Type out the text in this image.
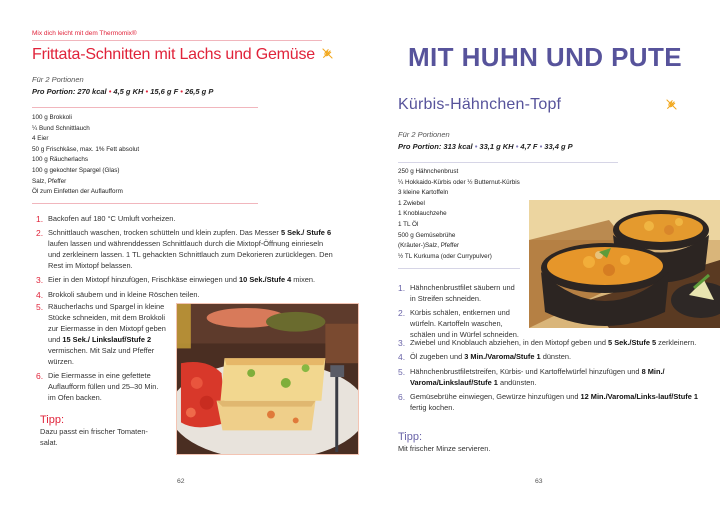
Mix dich leicht mit dem Thermomix®
Frittata-Schnitten mit Lachs und Gemüse
Für 2 Portionen
Pro Portion: 270 kcal • 4,5 g KH • 15,6 g F • 26,5 g P
100 g Brokkoli
¼ Bund Schnittlauch
4 Eier
50 g Frischkäse, max. 1% Fett absolut
100 g Räucherlachs
100 g gekochter Spargel (Glas)
Salz, Pfeffer
Öl zum Einfetten der Auflaufform
1. Backofen auf 180 °C Umluft vorheizen.
2. Schnittlauch waschen, trocken schütteln und klein zupfen. Das Messer 5 Sek./ Stufe 6 laufen lassen und währenddessen Schnittlauch durch die Mixtopf-Öffnung einrieseln und zerkleinern lassen. 1 TL gehackten Schnittlauch zum Dekorieren zurücklegen. Den Rest im Mixtopf belassen.
3. Eier in den Mixtopf hinzufügen, Frischkäse einwiegen und 10 Sek./Stufe 4 mixen.
4. Brokkoli säubern und in kleine Röschen teilen.
5. Räucherlachs und Spargel in kleine Stücke schneiden, mit dem Brokkoli zur Eiermasse in den Mixtopf geben und 15 Sek./ Linkslauf/Stufe 2 vermischen. Mit Salz und Pfeffer würzen.
6. Die Eiermasse in eine gefettete Auflaufform füllen und 25–30 Min. im Ofen backen.
Tipp:
Dazu passt ein frischer Tomaten-salat.
62
MIT HUHN UND PUTE
Kürbis-Hähnchen-Topf
Für 2 Portionen
Pro Portion: 313 kcal • 33,1 g KH • 4,7 F • 33,4 g P
250 g Hähnchenbrust
¼ Hokkaido-Kürbis oder ½ Butternut-Kürbis
3 kleine Kartoffeln
1 Zwiebel
1 Knoblauchzehe
1 TL Öl
500 g Gemüsebrühe
(Kräuter-)Salz, Pfeffer
½ TL Kurkuma (oder Currypulver)
1. Hähnchenbrustfilet säubern und in Streifen schneiden.
2. Kürbis schälen, entkernen und würfeln. Kartoffeln waschen, schälen und in Würfel schneiden.
3. Zwiebel und Knoblauch abziehen, in den Mixtopf geben und 5 Sek./Stufe 5 zerkleinern.
4. Öl zugeben und 3 Min./Varoma/Stufe 1 dünsten.
5. Hähnchenbrustfiletstreifen, Kürbis- und Kartoffelwürfel hinzufügen und 8 Min./ Varoma/Linkslauf/Stufe 1 andünsten.
6. Gemüsebrühe einwiegen, Gewürze hinzufügen und 12 Min./Varoma/Links-lauf/Stufe 1 fertig kochen.
Tipp:
Mit frischer Minze servieren.
63
